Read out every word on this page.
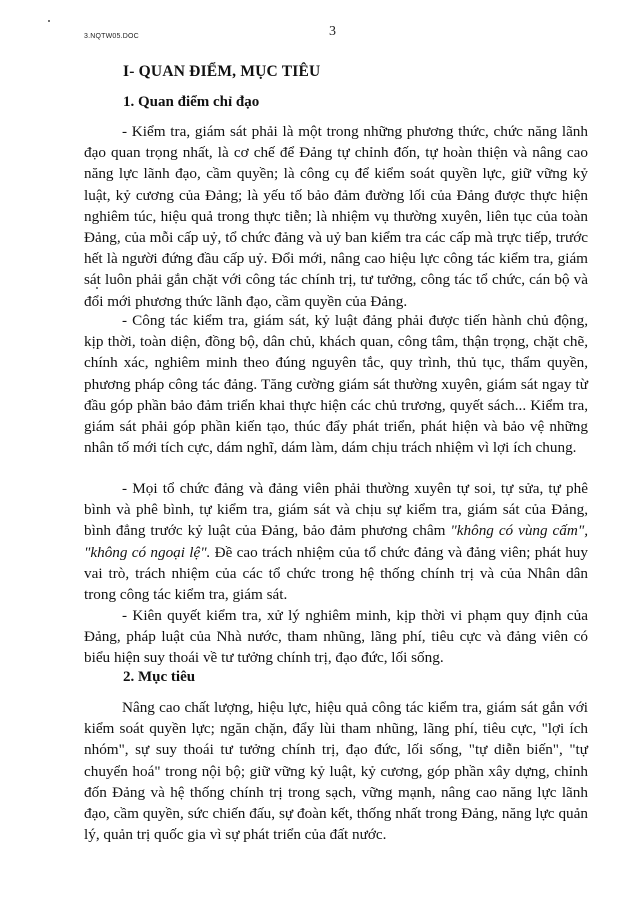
3.NQTW05.DOC	3
I- QUAN ĐIỂM, MỤC TIÊU
1. Quan điểm chỉ đạo

- Kiểm tra, giám sát phải là một trong những phương thức, chức năng lãnh đạo quan trọng nhất, là cơ chế để Đảng tự chỉnh đốn, tự hoàn thiện và nâng cao năng lực lãnh đạo, cầm quyền; là công cụ để kiểm soát quyền lực, giữ vững kỷ luật, kỷ cương của Đảng; là yếu tố bảo đảm đường lối của Đảng được thực hiện nghiêm túc, hiệu quả trong thực tiễn; là nhiệm vụ thường xuyên, liên tục của toàn Đảng, của mỗi cấp uỷ, tổ chức đảng và uỷ ban kiểm tra các cấp mà trực tiếp, trước hết là người đứng đầu cấp uỷ. Đổi mới, nâng cao hiệu lực công tác kiểm tra, giám sát luôn phải gắn chặt với công tác chính trị, tư tưởng, công tác tổ chức, cán bộ và đổi mới phương thức lãnh đạo, cầm quyền của Đảng.

- Công tác kiểm tra, giám sát, kỷ luật đảng phải được tiến hành chủ động, kịp thời, toàn diện, đồng bộ, dân chủ, khách quan, công tâm, thận trọng, chặt chẽ, chính xác, nghiêm minh theo đúng nguyên tắc, quy trình, thủ tục, thẩm quyền, phương pháp công tác đảng. Tăng cường giám sát thường xuyên, giám sát ngay từ đầu góp phần bảo đảm triển khai thực hiện các chủ trương, quyết sách... Kiểm tra, giám sát phải góp phần kiến tạo, thúc đẩy phát triển, phát hiện và bảo vệ những nhân tố mới tích cực, dám nghĩ, dám làm, dám chịu trách nhiệm vì lợi ích chung.

- Mọi tổ chức đảng và đảng viên phải thường xuyên tự soi, tự sửa, tự phê bình và phê bình, tự kiểm tra, giám sát và chịu sự kiểm tra, giám sát của Đảng, bình đẳng trước kỷ luật của Đảng, bảo đảm phương châm "không có vùng cấm", "không có ngoại lệ". Đề cao trách nhiệm của tổ chức đảng và đảng viên; phát huy vai trò, trách nhiệm của các tổ chức trong hệ thống chính trị và của Nhân dân trong công tác kiểm tra, giám sát.

- Kiên quyết kiểm tra, xử lý nghiêm minh, kịp thời vi phạm quy định của Đảng, pháp luật của Nhà nước, tham nhũng, lãng phí, tiêu cực và đảng viên có biểu hiện suy thoái về tư tưởng chính trị, đạo đức, lối sống.

2. Mục tiêu

Nâng cao chất lượng, hiệu lực, hiệu quả công tác kiểm tra, giám sát gắn với kiểm soát quyền lực; ngăn chặn, đẩy lùi tham nhũng, lãng phí, tiêu cực, "lợi ích nhóm", sự suy thoái tư tưởng chính trị, đạo đức, lối sống, "tự diễn biến", "tự chuyển hoá" trong nội bộ; giữ vững kỷ luật, kỷ cương, góp phần xây dựng, chỉnh đốn Đảng và hệ thống chính trị trong sạch, vững mạnh, nâng cao năng lực lãnh đạo, cầm quyền, sức chiến đấu, sự đoàn kết, thống nhất trong Đảng, năng lực quản lý, quản trị quốc gia vì sự phát triển của đất nước.
